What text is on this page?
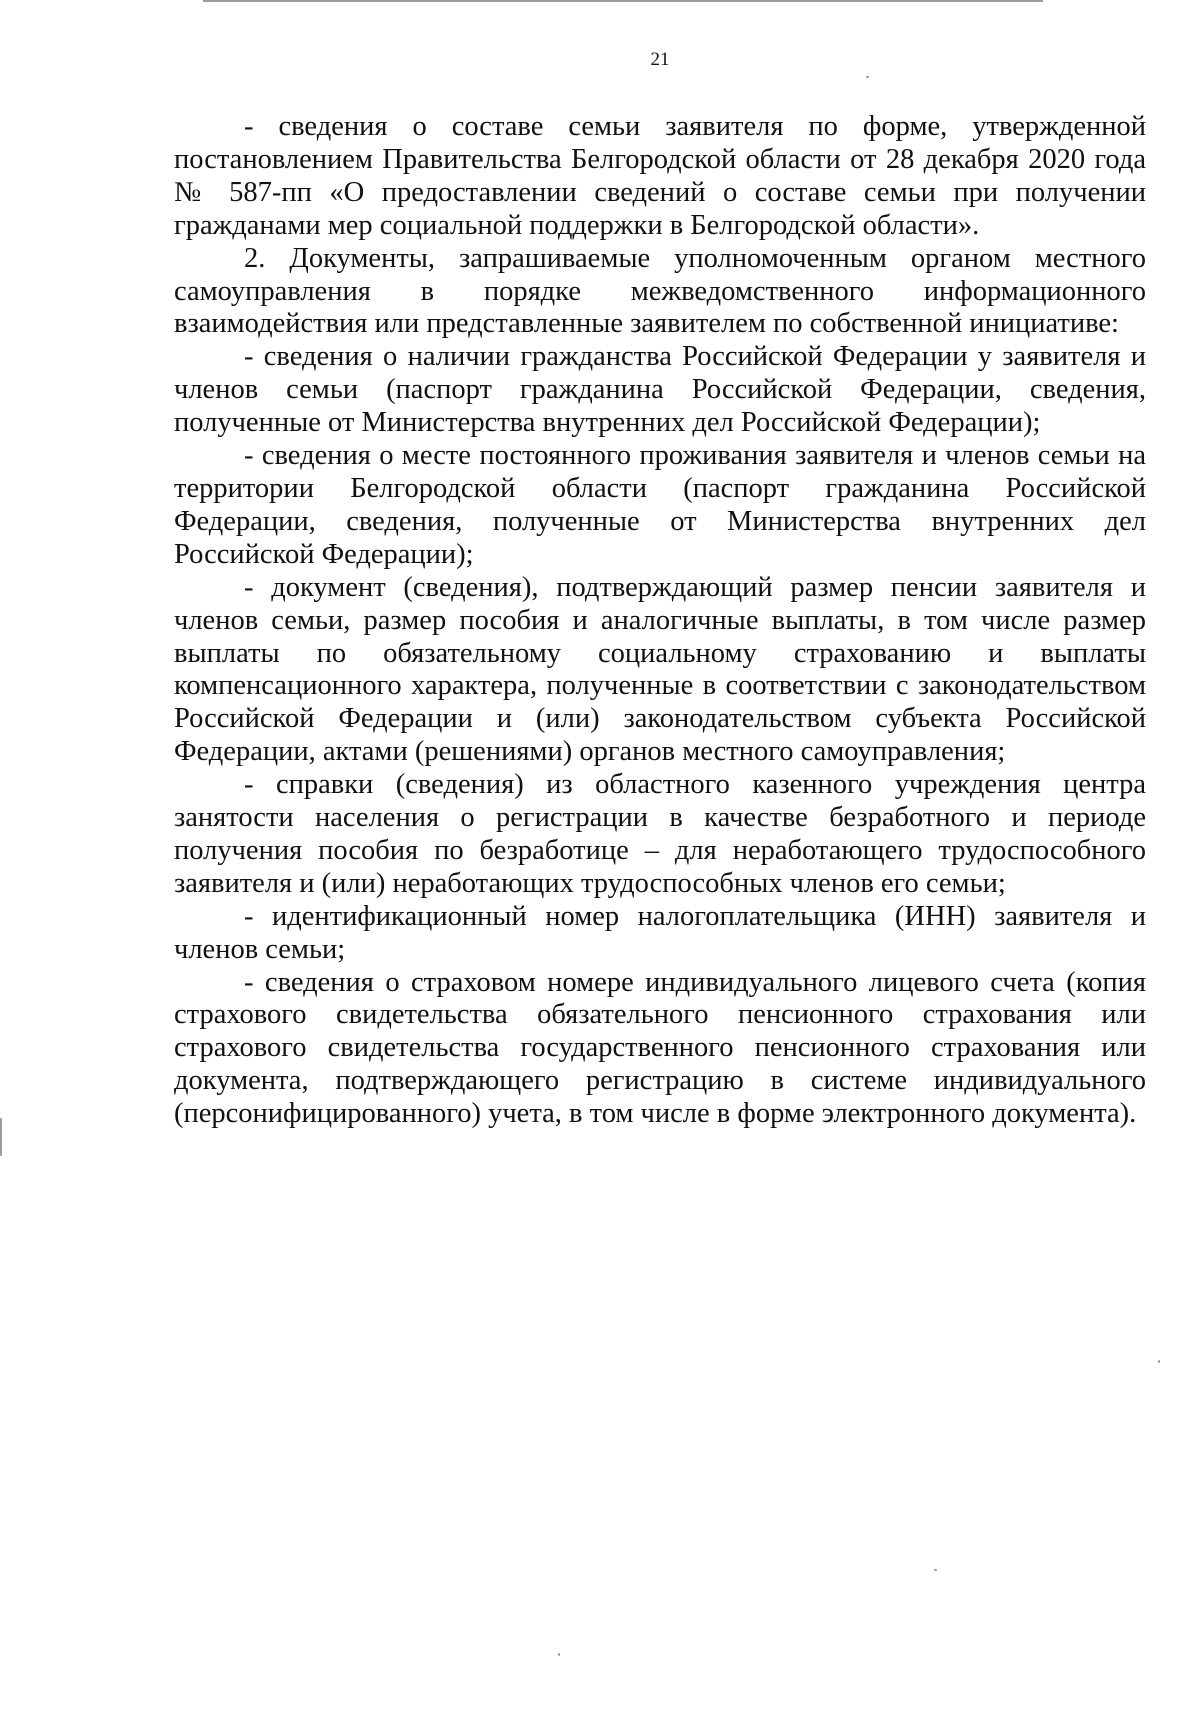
21

- сведения о составе семьи заявителя по форме, утвержденной постановлением Правительства Белгородской области от 28 декабря 2020 года № 587-пп «О предоставлении сведений о составе семьи при получении гражданами мер социальной поддержки в Белгородской области».

2. Документы, запрашиваемые уполномоченным органом местного самоуправления в порядке межведомственного информационного взаимодействия или представленные заявителем по собственной инициативе:

- сведения о наличии гражданства Российской Федерации у заявителя и членов семьи (паспорт гражданина Российской Федерации, сведения, полученные от Министерства внутренних дел Российской Федерации);

- сведения о месте постоянного проживания заявителя и членов семьи на территории Белгородской области (паспорт гражданина Российской Федерации, сведения, полученные от Министерства внутренних дел Российской Федерации);

- документ (сведения), подтверждающий размер пенсии заявителя и членов семьи, размер пособия и аналогичные выплаты, в том числе размер выплаты по обязательному социальному страхованию и выплаты компенсационного характера, полученные в соответствии с законодательством Российской Федерации и (или) законодательством субъекта Российской Федерации, актами (решениями) органов местного самоуправления;

- справки (сведения) из областного казенного учреждения центра занятости населения о регистрации в качестве безработного и периоде получения пособия по безработице – для неработающего трудоспособного заявителя и (или) неработающих трудоспособных членов его семьи;

- идентификационный номер налогоплательщика (ИНН) заявителя и членов семьи;

- сведения о страховом номере индивидуального лицевого счета (копия страхового свидетельства обязательного пенсионного страхования или страхового свидетельства государственного пенсионного страхования или документа, подтверждающего регистрацию в системе индивидуального (персонифицированного) учета, в том числе в форме электронного документа).
